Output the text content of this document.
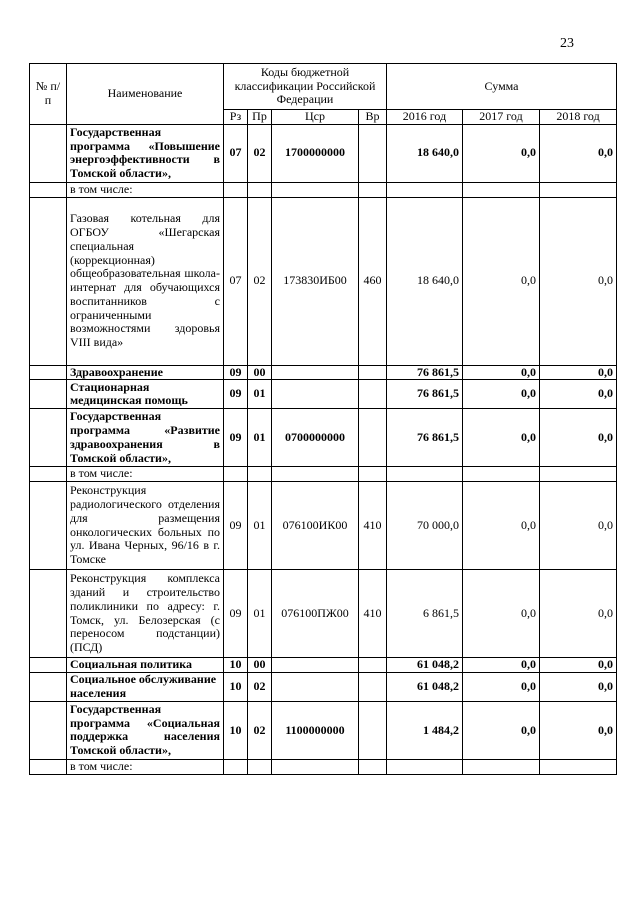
23
№ п/п	Наименование	Коды бюджетной классификации Российской Федерации				Сумма		
		Рз	Пр	Цср	Вр	2016 год	2017 год	2018 год
	Государственная программа «Повышение энергоэффективности в Томской области»,	07	02	1700000000		18 640,0	0,0	0,0
	в том числе:							
	Газовая котельная для ОГБОУ «Шегарская специальная (коррекционная) общеобразовательная школа-интернат для обучающихся воспитанников с ограниченными возможностями здоровья VIII вида»	07	02	173830ИБ00	460	18 640,0	0,0	0,0
	Здравоохранение	09	00			76 861,5	0,0	0,0
	Стационарная медицинская помощь	09	01			76 861,5	0,0	0,0
	Государственная программа «Развитие здравоохранения в Томской области»,	09	01	0700000000		76 861,5	0,0	0,0
	в том числе:							
	Реконструкция радиологического отделения для размещения онкологических больных по ул. Ивана Черных, 96/16 в г. Томске	09	01	076100ИК00	410	70 000,0	0,0	0,0
	Реконструкция комплекса зданий и строительство поликлиники по адресу: г. Томск, ул. Белозерская (с переносом подстанции) (ПСД)	09	01	076100ПЖ00	410	6 861,5	0,0	0,0
	Социальная политика	10	00			61 048,2	0,0	0,0
	Социальное обслуживание населения	10	02			61 048,2	0,0	0,0
	Государственная программа «Социальная поддержка населения Томской области»,	10	02	1100000000		1 484,2	0,0	0,0
	в том числе:							
